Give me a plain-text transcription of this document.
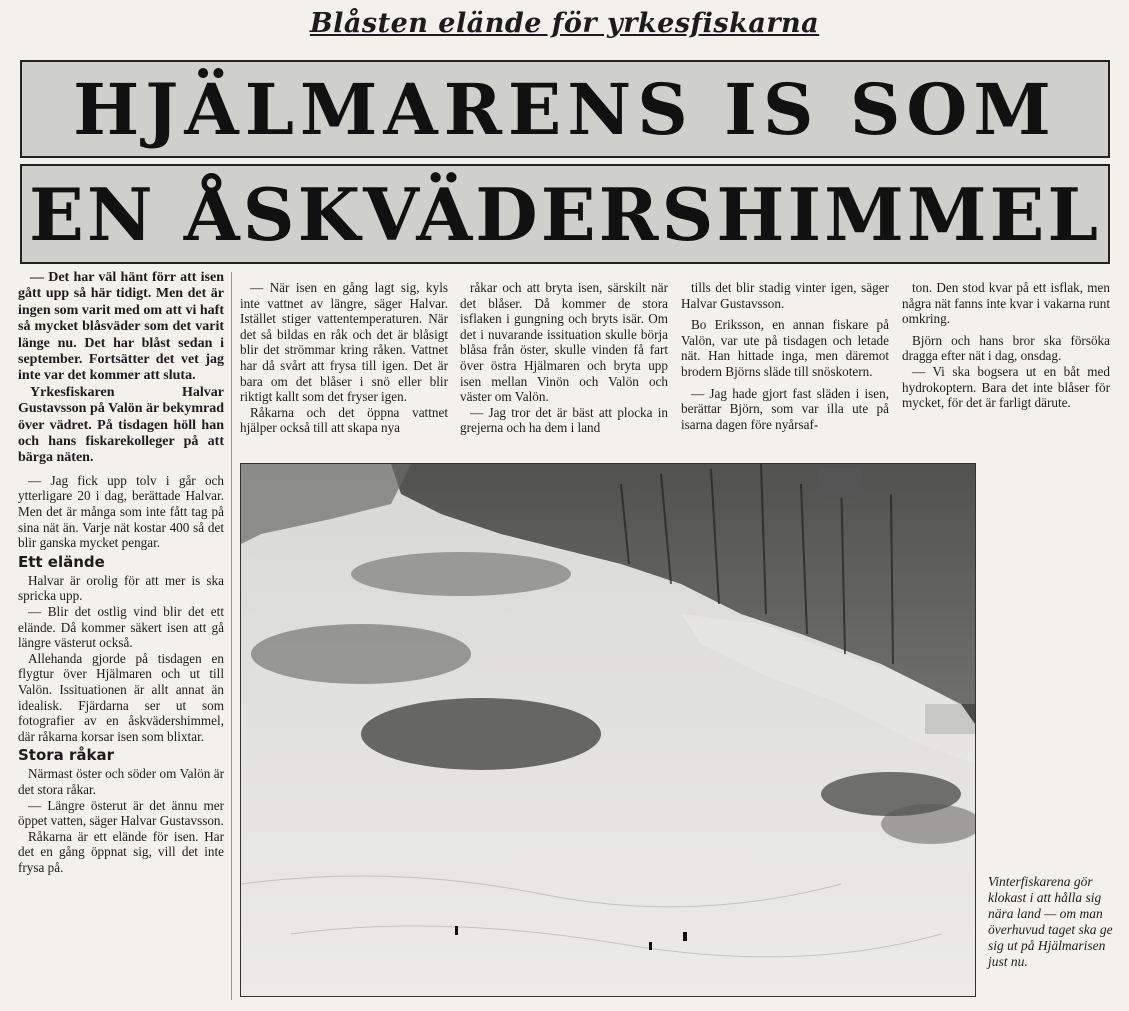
Blåsten elände för yrkesfiskarna
HJÄLMARENS IS SOM
EN ÅSKVÄDERSHIMMEL

— Det har väl hänt förr att isen gått upp så här tidigt. Men det är ingen som varit med om att vi haft så mycket blåsväder som det varit länge nu. Det har blåst sedan i september. Fortsätter det vet jag inte var det kommer att sluta.

Yrkesfiskaren Halvar Gustavsson på Valön är bekymrad över vädret. På tisdagen höll han och hans fiskarekolleger på att bärga näten.

— Jag fick upp tolv i går och ytterligare 20 i dag, berättade Halvar. Men det är många som inte fått tag på sina nät än. Varje nät kostar 400 så det blir ganska mycket pengar.

Ett elände

Halvar är orolig för att mer is ska spricka upp.

— Blir det ostlig vind blir det ett elände. Då kommer säkert isen att gå längre västerut också.

Allehanda gjorde på tisdagen en flygtur över Hjälmaren och ut till Valön. Issituationen är allt annat än idealisk. Fjärdarna ser ut som fotografier av en åskvädershimmel, där råkarna korsar isen som blixtar.

Stora råkar

Närmast öster och söder om Valön är det stora råkar.

— Längre österut är det ännu mer öppet vatten, säger Halvar Gustavsson.

Råkarna är ett elände för isen. Har det en gång öppnat sig, vill det inte frysa på.

— När isen en gång lagt sig, kyls inte vattnet av längre, säger Halvar. Istället stiger vattentemperaturen. När det så bildas en råk och det är blåsigt blir det strömmar kring råken. Vattnet har då svårt att frysa till igen. Det är bara om det blåser i snö eller blir riktigt kallt som det fryser igen.

Råkarna och det öppna vattnet hjälper också till att skapa nya

råkar och att bryta isen, särskilt när det blåser. Då kommer de stora isflaken i gungning och bryts isär. Om det i nuvarande issituation skulle börja blåsa från öster, skulle vinden få fart över östra Hjälmaren och bryta upp isen mellan Vinön och Valön och väster om Valön.

— Jag tror det är bäst att plocka in grejerna och ha dem i land

tills det blir stadig vinter igen, säger Halvar Gustavsson.

Bo Eriksson, en annan fiskare på Valön, var ute på tisdagen och letade nät. Han hittade inga, men däremot brodern Björns släde till snöskotern.

— Jag hade gjort fast släden i isen, berättar Björn, som var illa ute på isarna dagen före nyårsaf-

ton. Den stod kvar på ett isflak, men några nät fanns inte kvar i vakarna runt omkring.

Björn och hans bror ska försöka dragga efter nät i dag, onsdag.

— Vi ska bogsera ut en båt med hydrokoptern. Bara det inte blåser för mycket, för det är farligt därute.

Vinterfiskarena gör klokast i att hålla sig nära land — om man överhuvud taget ska ge sig ut på Hjälmarisen just nu.
